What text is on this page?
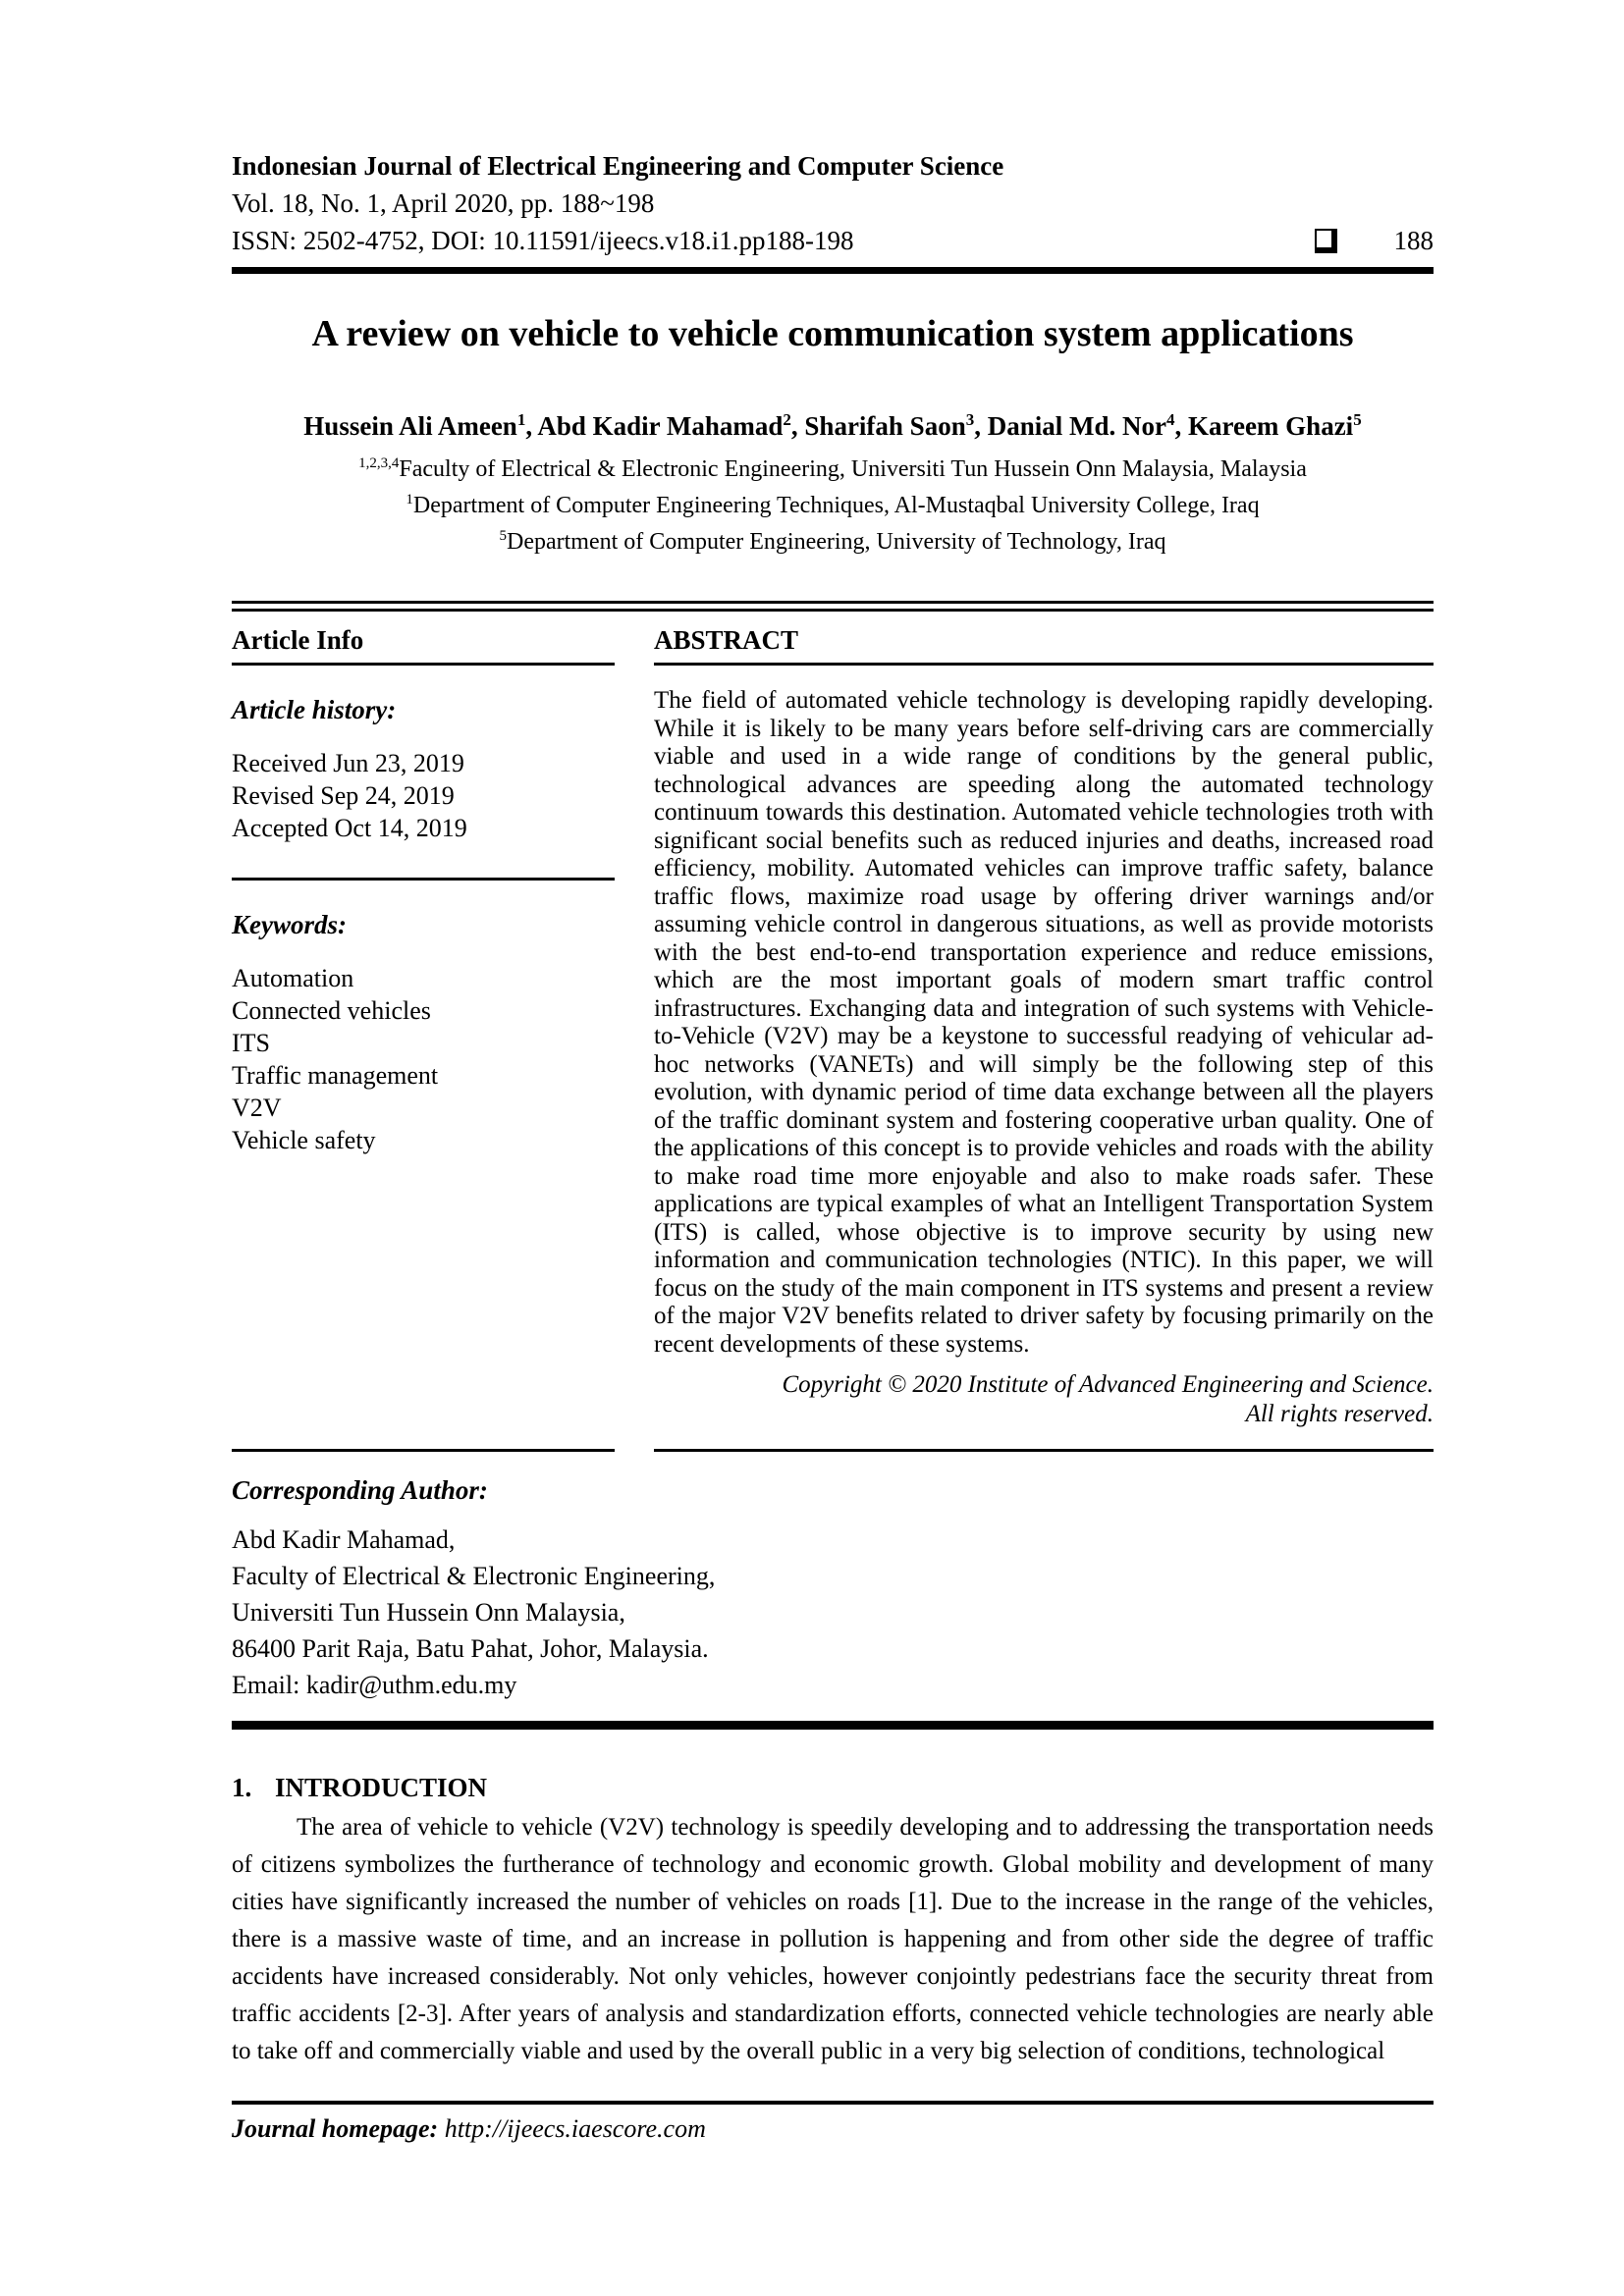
Indonesian Journal of Electrical Engineering and Computer Science
Vol. 18, No. 1, April 2020, pp. 188~198
ISSN: 2502-4752, DOI: 10.11591/ijeecs.v18.i1.pp188-198	188
A review on vehicle to vehicle communication system applications
Hussein Ali Ameen$^1$ , Abd Kadir Mahamad$^2$ , Sharifah Saon$^3$ , Danial Md. Nor$^4$ , Kareem Ghazi$^5$
$^{1,2,3,4}$Faculty of Electrical & Electronic Engineering, Universiti Tun Hussein Onn Malaysia, Malaysia
$^1$Department of Computer Engineering Techniques, Al-Mustaqbal University College, Iraq
$^5$Department of Computer Engineering, University of Technology, Iraq
Article Info
Article history:
Received Jun 23, 2019
Revised Sep 24, 2019
Accepted Oct 14, 2019
Keywords:
Automation
Connected vehicles
ITS
Traffic management
V2V
Vehicle safety
ABSTRACT
The field of automated vehicle technology is developing rapidly developing. While it is likely to be many years before self-driving cars are commercially viable and used in a wide range of conditions by the general public, technological advances are speeding along the automated technology continuum towards this destination. Automated vehicle technologies troth with significant social benefits such as reduced injuries and deaths, increased road efficiency, mobility. Automated vehicles can improve traffic safety, balance traffic flows, maximize road usage by offering driver warnings and/or assuming vehicle control in dangerous situations, as well as provide motorists with the best end-to-end transportation experience and reduce emissions, which are the most important goals of modern smart traffic control infrastructures. Exchanging data and integration of such systems with Vehicle-to-Vehicle (V2V) may be a keystone to successful readying of vehicular ad-hoc networks (VANETs) and will simply be the following step of this evolution, with dynamic period of time data exchange between all the players of the traffic dominant system and fostering cooperative urban quality. One of the applications of this concept is to provide vehicles and roads with the ability to make road time more enjoyable and also to make roads safer. These applications are typical examples of what an Intelligent Transportation System (ITS) is called, whose objective is to improve security by using new information and communication technologies (NTIC). In this paper, we will focus on the study of the main component in ITS systems and present a review of the major V2V benefits related to driver safety by focusing primarily on the recent developments of these systems.
Copyright © 2020 Institute of Advanced Engineering and Science.
All rights reserved.
Corresponding Author:
Abd Kadir Mahamad,
Faculty of Electrical & Electronic Engineering,
Universiti Tun Hussein Onn Malaysia,
86400 Parit Raja, Batu Pahat, Johor, Malaysia.
Email: kadir@uthm.edu.my
1. INTRODUCTION
The area of vehicle to vehicle (V2V) technology is speedily developing and to addressing the transportation needs of citizens symbolizes the furtherance of technology and economic growth. Global mobility and development of many cities have significantly increased the number of vehicles on roads [1]. Due to the increase in the range of the vehicles, there is a massive waste of time, and an increase in pollution is happening and from other side the degree of traffic accidents have increased considerably. Not only vehicles, however conjointly pedestrians face the security threat from traffic accidents [2-3]. After years of analysis and standardization efforts, connected vehicle technologies are nearly able to take off and commercially viable and used by the overall public in a very big selection of conditions, technological
Journal homepage: http://ijeecs.iaescore.com
